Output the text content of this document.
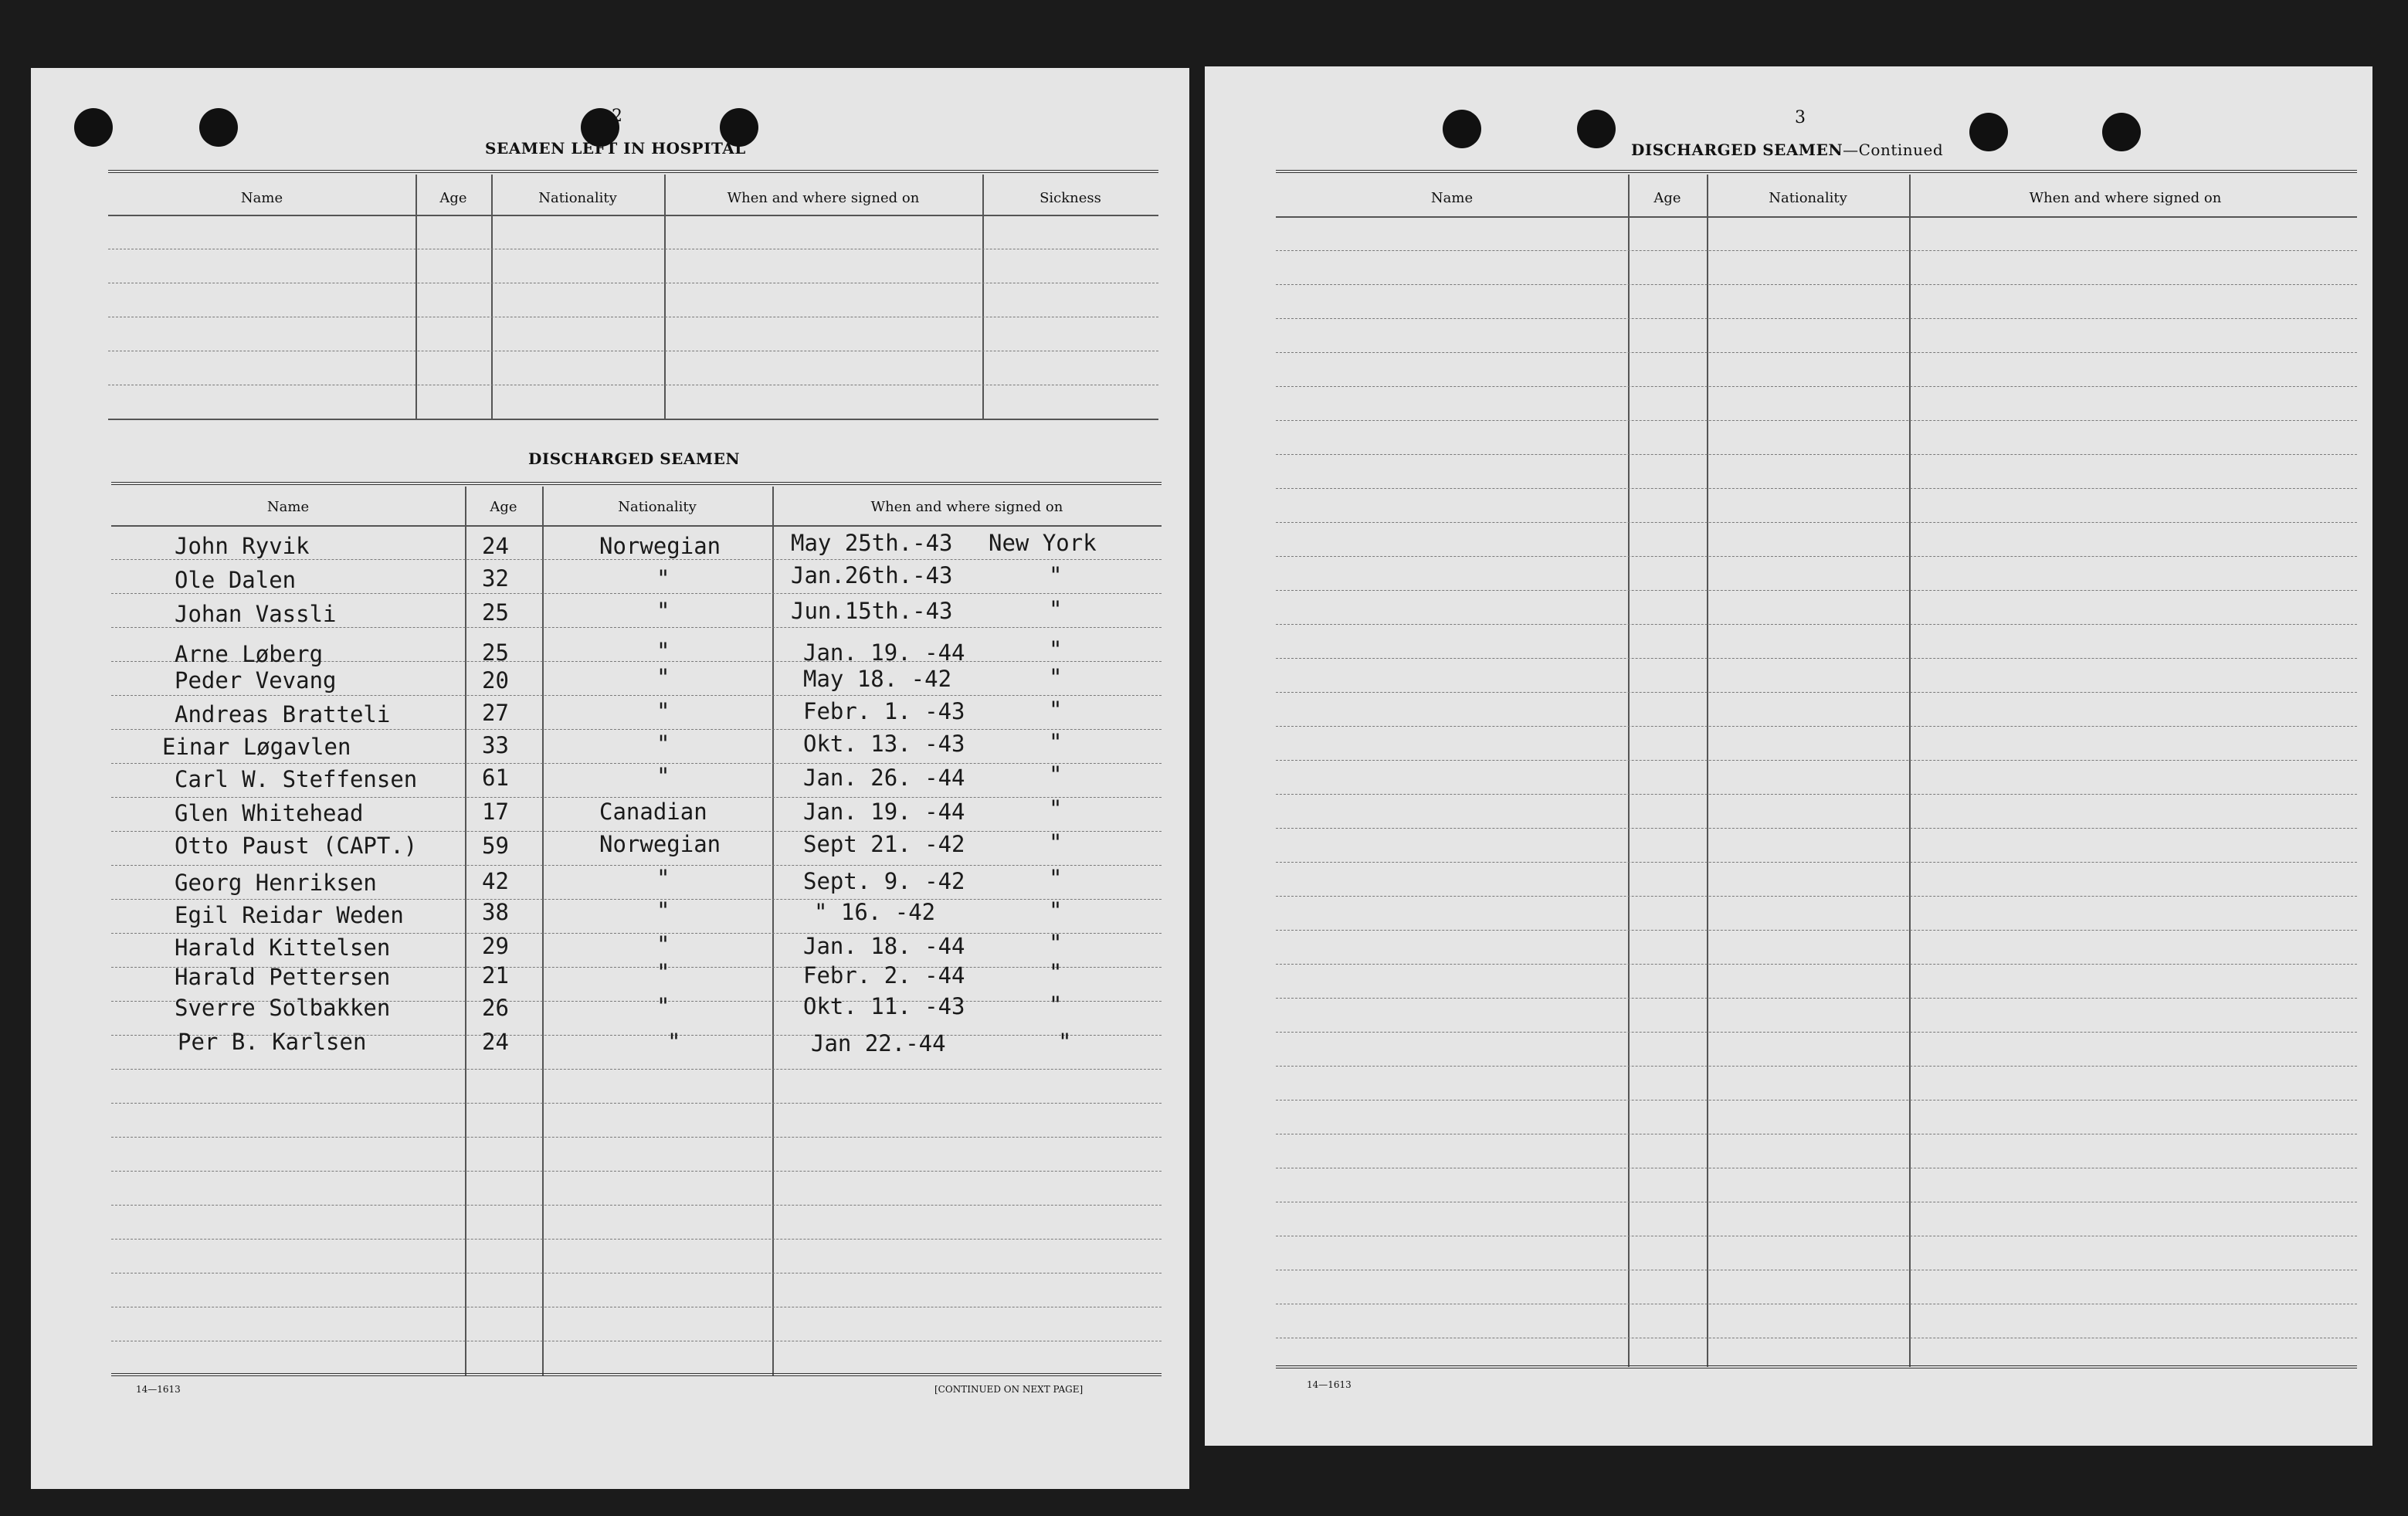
2
SEAMEN LEFT IN HOSPITAL
Name	Age	Nationality	When and where signed on	Sickness
DISCHARGED SEAMEN
Name	Age	Nationality	When and where signed on
John Ryvik	24	Norwegian	May 25th.-43 New York
Ole Dalen	32	"	Jan.26th.-43	"
Johan Vassli	25	"	Jun.15th.-43	"
Arne Løberg	25	"	Jan. 19. -44	"
Peder Vevang	20	"	May 18. -42	"
Andreas Bratteli	27	"	Febr. 1. -43	"
Einar Løgavlen	33	"	Okt. 13. -43	"
Carl W. Steffensen	61	"	Jan. 26. -44	"
Glen Whitehead	17	Canadian	Jan. 19. -44	"
Otto Paust (CAPT.)	59	Norwegian	Sept 21. -42	"
Georg Henriksen	42	"	Sept. 9. -42	"
Egil Reidar Weden	38	"	" 16. -42	"
Harald Kittelsen	29	"	Jan. 18. -44	"
Harald Pettersen	21	"	Febr. 2. -44	"
Sverre Solbakken	26	"	Okt. 11. -43	"
Per B. Karlsen	24	"	Jan 22.-44	"
14—1613	[CONTINUED ON NEXT PAGE]
3
DISCHARGED SEAMEN—Continued
Name	Age	Nationality	When and where signed on
14—1613
